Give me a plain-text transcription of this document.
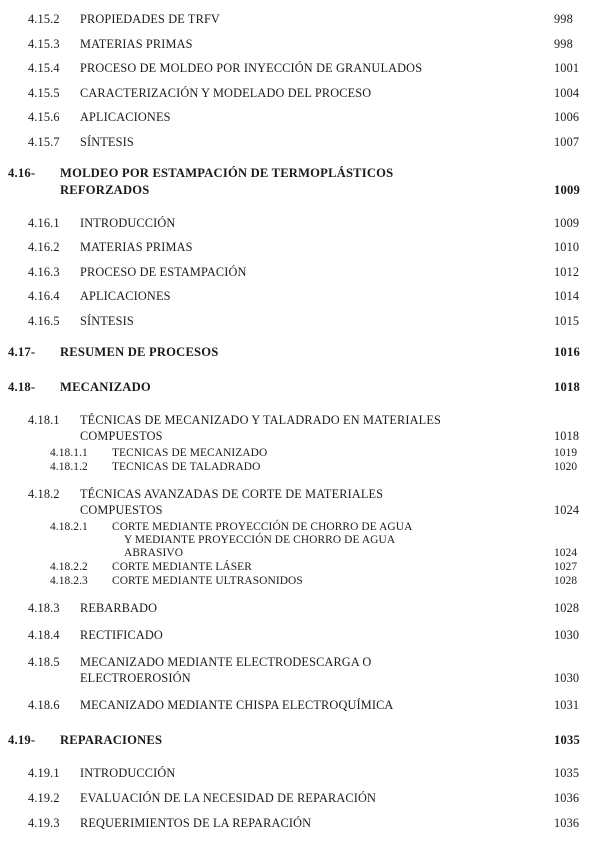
4.15.2	PROPIEDADES DE TRFV	998
4.15.3	MATERIAS PRIMAS	998
4.15.4	PROCESO DE MOLDEO POR INYECCIÓN DE GRANULADOS	1001
4.15.5	CARACTERIZACIÓN Y MODELADO DEL PROCESO	1004
4.15.6	APLICACIONES	1006
4.15.7	SÍNTESIS	1007
4.16-	MOLDEO POR ESTAMPACIÓN DE TERMOPLÁSTICOS
REFORZADOS	1009
4.16.1	INTRODUCCIÓN	1009
4.16.2	MATERIAS PRIMAS	1010
4.16.3	PROCESO DE ESTAMPACIÓN	1012
4.16.4	APLICACIONES	1014
4.16.5	SÍNTESIS	1015
4.17-	RESUMEN DE PROCESOS	1016
4.18-	MECANIZADO	1018
4.18.1	TÉCNICAS DE MECANIZADO Y TALADRADO EN MATERIALES
COMPUESTOS	1018
4.18.1.1	TECNICAS DE MECANIZADO	1019
4.18.1.2	TECNICAS DE TALADRADO	1020
4.18.2	TÉCNICAS AVANZADAS DE CORTE DE MATERIALES
COMPUESTOS	1024
4.18.2.1	CORTE MEDIANTE PROYECCIÓN DE CHORRO DE AGUA
Y MEDIANTE PROYECCIÓN DE CHORRO DE AGUA
ABRASIVO	1024
4.18.2.2	CORTE MEDIANTE LÁSER	1027
4.18.2.3	CORTE MEDIANTE ULTRASONIDOS	1028
4.18.3	REBARBADO	1028
4.18.4	RECTIFICADO	1030
4.18.5	MECANIZADO MEDIANTE ELECTRODESCARGA O
ELECTROEROSIÓN	1030
4.18.6	MECANIZADO MEDIANTE CHISPA ELECTROQUÍMICA	1031
4.19-	REPARACIONES	1035
4.19.1	INTRODUCCIÓN	1035
4.19.2	EVALUACIÓN DE LA NECESIDAD DE REPARACIÓN	1036
4.19.3	REQUERIMIENTOS DE LA REPARACIÓN	1036
